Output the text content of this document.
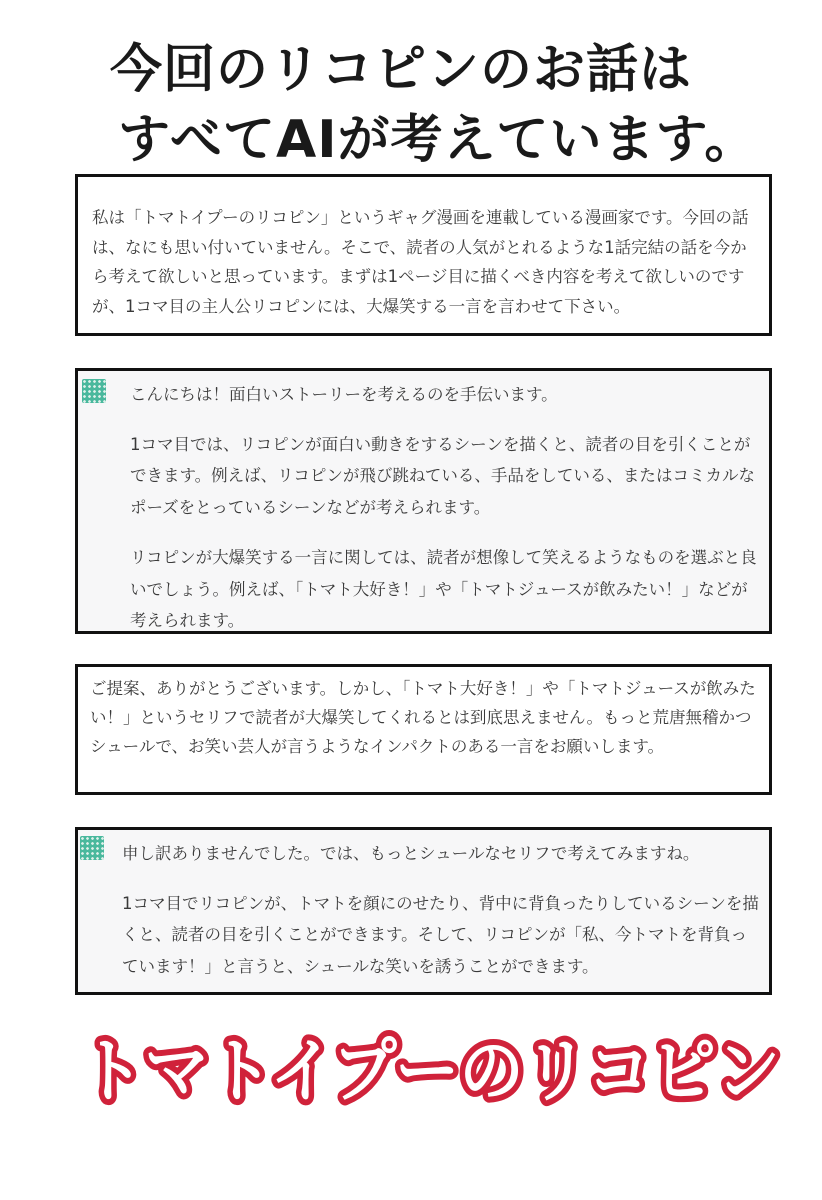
今回のリコピンのお話は
すべてAIが考えています。

私は「トマトイプーのリコピン」というギャグ漫画を連載している漫画家です。今回の話は、なにも思い付いていません。そこで、読者の人気がとれるような1話完結の話を今から考えて欲しいと思っています。まずは1ページ目に描くべき内容を考えて欲しいのですが、1コマ目の主人公リコピンには、大爆笑する一言を言わせて下さい。

こんにちは！面白いストーリーを考えるのを手伝います。

1コマ目では、リコピンが面白い動きをするシーンを描くと、読者の目を引くことができます。例えば、リコピンが飛び跳ねている、手品をしている、またはコミカルなポーズをとっているシーンなどが考えられます。

リコピンが大爆笑する一言に関しては、読者が想像して笑えるようなものを選ぶと良いでしょう。例えば、「トマト大好き！」や「トマトジュースが飲みたい！」などが考えられます。

ご提案、ありがとうございます。しかし、「トマト大好き！」や「トマトジュースが飲みたい！」というセリフで読者が大爆笑してくれるとは到底思えません。もっと荒唐無稽かつシュールで、お笑い芸人が言うようなインパクトのある一言をお願いします。

申し訳ありませんでした。では、もっとシュールなセリフで考えてみますね。

1コマ目でリコピンが、トマトを顔にのせたり、背中に背負ったりしているシーンを描くと、読者の目を引くことができます。そして、リコピンが「私、今トマトを背負っています！」と言うと、シュールな笑いを誘うことができます。

トマトイプーのリコピン
